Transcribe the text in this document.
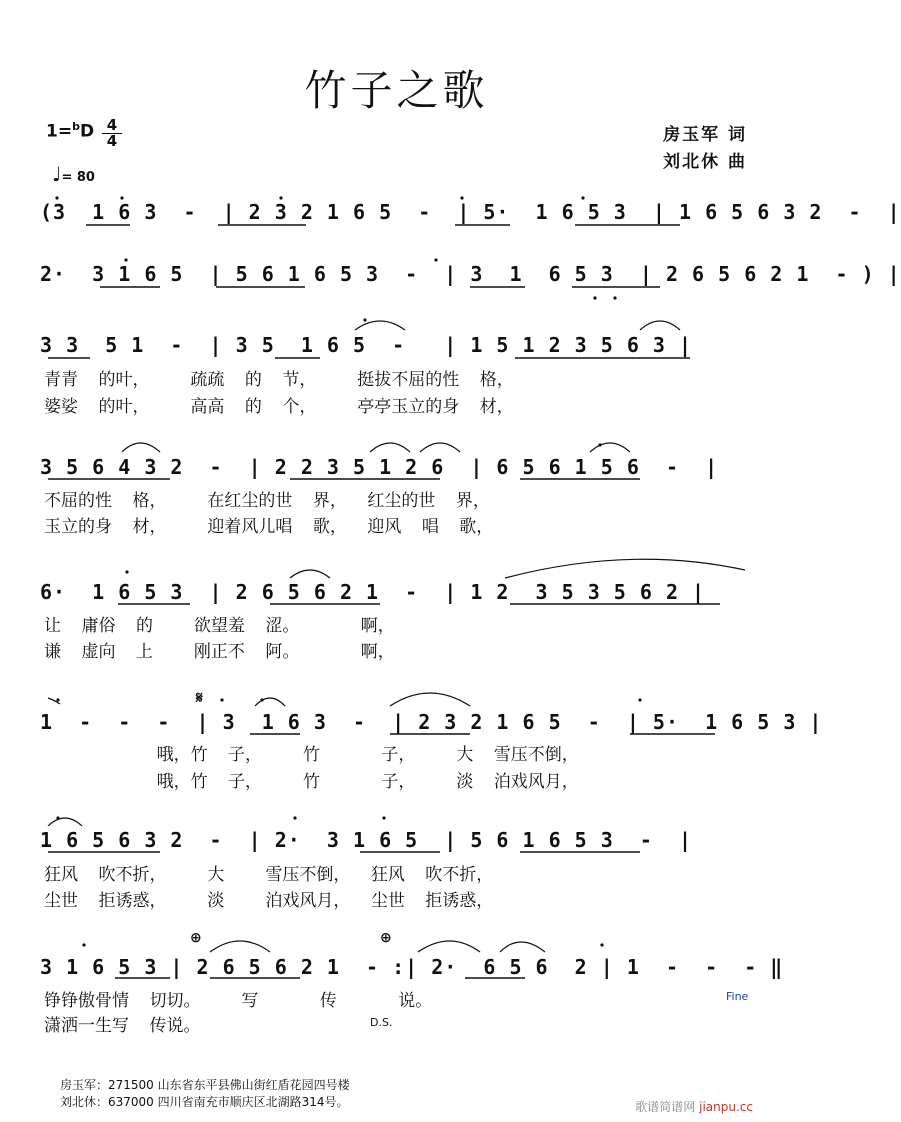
竹子之歌
1=$^b$D 4
4
♩= 80
房玉军 词
刘北休 曲
(3  1 6 3  -  | 2 3 2 1 6 5  -  | 5·  1 6 5 3  | 1 6 5 6 3 2  -  |
2·  3 1 6 5  | 5 6 1 6 5 3  -  | 3  1  6 5 3  | 2 6 5 6 2 1  - ) |
3 3  5 1  -  | 3 5  1 6 5  -   | 1 5 1 2 3 5 6 3 |
青青  的叶，    疏疏  的  节，    挺拔不屈的性  格，
婆娑  的叶，    高高  的  个，    亭亭玉立的身  材，
3 5 6 4 3 2  -  | 2 2 3 5 1 2 6  | 6 5 6 1 5 6  -  |
不屈的性  格，    在红尘的世  界，  红尘的世  界，
玉立的身  材，    迎着风儿唱  歌，  迎风  唱  歌，
6·  1 6 5 3  | 2 6 5 6 2 1  -  | 1 2  3 5 3 5 6 2 |
让  庸俗  的    欲望羞  涩。      啊，
谦  虚向  上    刚正不  阿。      啊，
𝄋
1  -  -  -  | 3  1 6 3  -  | 2 3 2 1 6 5  -  | 5·  1 6 5 3 |
哦，竹  子，    竹      子，    大  雪压不倒，
哦，竹  子，    竹      子，    淡  泊戏风月，
1 6 5 6 3 2  -  | 2·  3 1 6 5  | 5 6 1 6 5 3  -  |
狂风  吹不折，    大    雪压不倒，  狂风  吹不折，
尘世  拒诱惑，    淡    泊戏风月，  尘世  拒诱惑，
⊕	⊕
3 1 6 5 3 | 2 6 5 6 2 1  - :| 2·  6 5 6  2 | 1  -  -  - ‖
铮铮傲骨情  切切。    写      传      说。
潇洒一生写  传说。	D.S.
Fine
房玉军：271500 山东省东平县佛山街红盾花园四号楼
刘北休：637000 四川省南充市顺庆区北湖路314号。	歌谱简谱网 jianpu.cc
